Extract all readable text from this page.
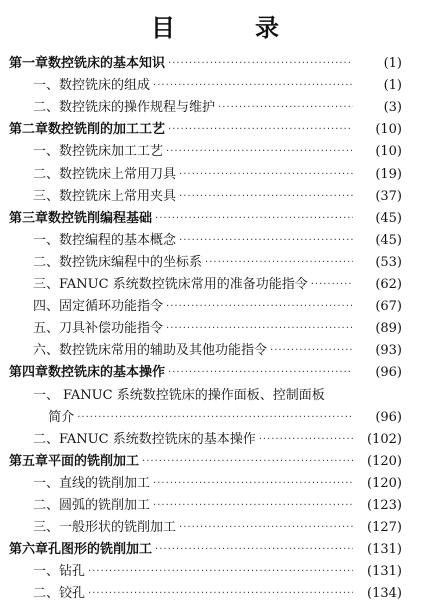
目　录
第一章 数控铣床的基本知识 ·····	(1)
一、 数控铣床的组成 ·····	(1)
二、 数控铣床的操作规程与维护 ·····	(3)
第二章 数控铣削的加工工艺 ·····	(10)
一、 数控铣床加工工艺 ·····	(10)
二、 数控铣床上常用刀具 ·····	(19)
三、 数控铣床上常用夹具 ·····	(37)
第三章 数控铣削编程基础 ·····	(45)
一、 数控编程的基本概念 ·····	(45)
二、 数控铣床编程中的坐标系 ·····	(53)
三、 FANUC 系统数控铣床常用的准备功能指令 ·····	(62)
四、 固定循环功能指令 ·····	(67)
五、 刀具补偿功能指令 ·····	(89)
六、 数控铣床常用的辅助及其他功能指令 ·····	(93)
第四章 数控铣床的基本操作 ·····	(96)
一、 FANUC 系统数控铣床的操作面板、控制面板
简介 ·····	(96)
二、 FANUC 系统数控铣床的基本操作 ·····	(102)
第五章 平面的铣削加工 ·····	(120)
一、 直线的铣削加工 ·····	(120)
二、 圆弧的铣削加工 ·····	(123)
三、 一般形状的铣削加工 ·····	(127)
第六章 孔图形的铣削加工 ·····	(131)
一、 钻孔 ·····	(131)
二、 铰孔 ·····	(134)
